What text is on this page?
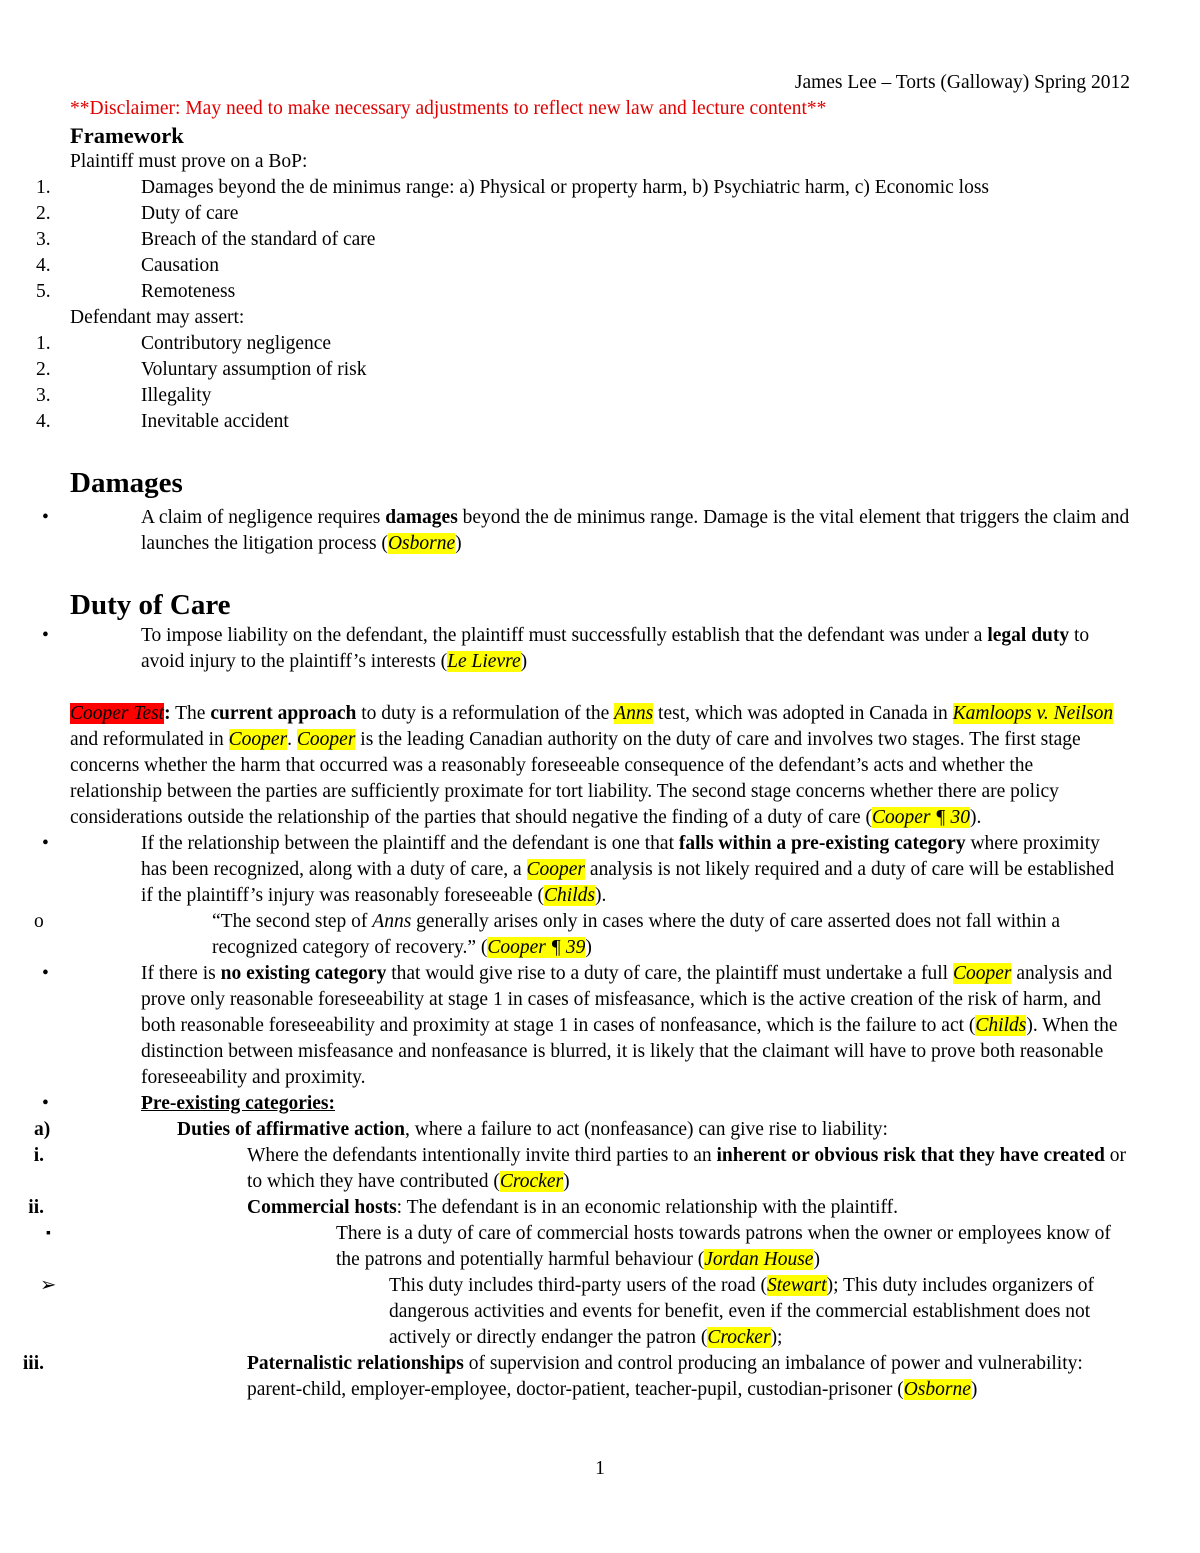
James Lee – Torts (Galloway) Spring 2012

**Disclaimer: May need to make necessary adjustments to reflect new law and lecture content**

Framework

Plaintiff must prove on a BoP:

1.	Damages beyond the de minimus range: a) Physical or property harm, b) Psychiatric harm, c) Economic loss
2.	Duty of care
3.	Breach of the standard of care
4.	Causation
5.	Remoteness

Defendant may assert:

1.	Contributory negligence
2.	Voluntary assumption of risk
3.	Illegality
4.	Inevitable accident

Damages

•	A claim of negligence requires damages beyond the de minimus range. Damage is the vital element that triggers the claim and launches the litigation process (Osborne)

Duty of Care

•	To impose liability on the defendant, the plaintiff must successfully establish that the defendant was under a legal duty to avoid injury to the plaintiff’s interests (Le Lievre)

Cooper Test: The current approach to duty is a reformulation of the Anns test, which was adopted in Canada in Kamloops v. Neilson and reformulated in Cooper. Cooper is the leading Canadian authority on the duty of care and involves two stages. The first stage concerns whether the harm that occurred was a reasonably foreseeable consequence of the defendant’s acts and whether the relationship between the parties are sufficiently proximate for tort liability. The second stage concerns whether there are policy considerations outside the relationship of the parties that should negative the finding of a duty of care (Cooper ¶ 30).

•	If the relationship between the plaintiff and the defendant is one that falls within a pre-existing category where proximity has been recognized, along with a duty of care, a Cooper analysis is not likely required and a duty of care will be established if the plaintiff’s injury was reasonably foreseeable (Childs).
o	“The second step of Anns generally arises only in cases where the duty of care asserted does not fall within a recognized category of recovery.” (Cooper ¶ 39)
•	If there is no existing category that would give rise to a duty of care, the plaintiff must undertake a full Cooper analysis and prove only reasonable foreseeability at stage 1 in cases of misfeasance, which is the active creation of the risk of harm, and both reasonable foreseeability and proximity at stage 1 in cases of nonfeasance, which is the failure to act (Childs). When the distinction between misfeasance and nonfeasance is blurred, it is likely that the claimant will have to prove both reasonable foreseeability and proximity.
•	Pre-existing categories:
a)	Duties of affirmative action, where a failure to act (nonfeasance) can give rise to liability:
i.	Where the defendants intentionally invite third parties to an inherent or obvious risk that they have created or to which they have contributed (Crocker)
ii.	Commercial hosts: The defendant is in an economic relationship with the plaintiff.
▪	There is a duty of care of commercial hosts towards patrons when the owner or employees know of the patrons and potentially harmful behaviour (Jordan House)
➢	This duty includes third-party users of the road (Stewart); This duty includes organizers of dangerous activities and events for benefit, even if the commercial establishment does not actively or directly endanger the patron (Crocker);
iii.	Paternalistic relationships of supervision and control producing an imbalance of power and vulnerability: parent-child, employer-employee, doctor-patient, teacher-pupil, custodian-prisoner (Osborne)
1
